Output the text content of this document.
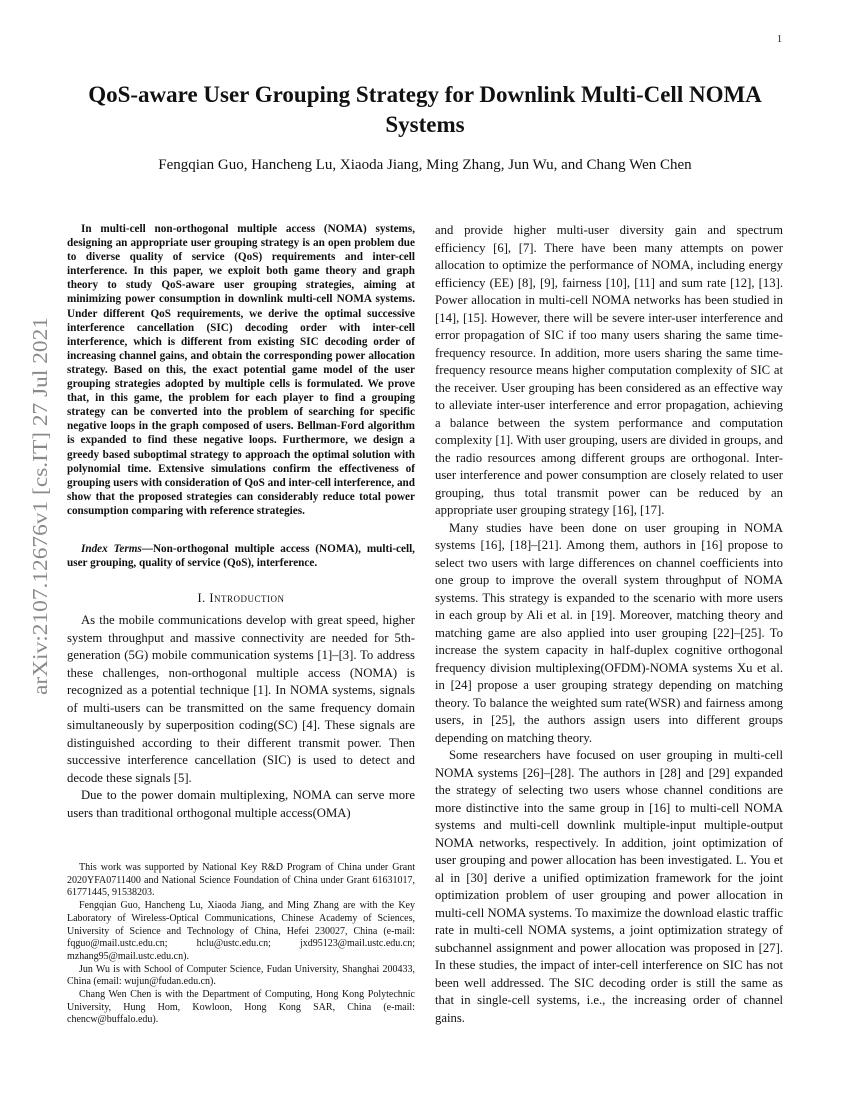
1
arXiv:2107.12676v1 [cs.IT] 27 Jul 2021
QoS-aware User Grouping Strategy for Downlink Multi-Cell NOMA
Systems

Fengqian Guo, Hancheng Lu, Xiaoda Jiang, Ming Zhang, Jun Wu, and Chang Wen Chen

In multi-cell non-orthogonal multiple access (NOMA) systems, designing an appropriate user grouping strategy is an open problem due to diverse quality of service (QoS) requirements and inter-cell interference. In this paper, we exploit both game theory and graph theory to study QoS-aware user grouping strategies, aiming at minimizing power consumption in downlink multi-cell NOMA systems. Under different QoS requirements, we derive the optimal successive interference cancellation (SIC) decoding order with inter-cell interference, which is different from existing SIC decoding order of increasing channel gains, and obtain the corresponding power allocation strategy. Based on this, the exact potential game model of the user grouping strategies adopted by multiple cells is formulated. We prove that, in this game, the problem for each player to find a grouping strategy can be converted into the problem of searching for specific negative loops in the graph composed of users. Bellman-Ford algorithm is expanded to find these negative loops. Furthermore, we design a greedy based suboptimal strategy to approach the optimal solution with polynomial time. Extensive simulations confirm the effectiveness of grouping users with consideration of QoS and inter-cell interference, and show that the proposed strategies can considerably reduce total power consumption comparing with reference strategies.

Index Terms—Non-orthogonal multiple access (NOMA), multi-cell, user grouping, quality of service (QoS), interference.

I. Introduction

As the mobile communications develop with great speed, higher system throughput and massive connectivity are needed for 5th-generation (5G) mobile communication systems [1]–[3]. To address these challenges, non-orthogonal multiple access (NOMA) is recognized as a potential technique [1]. In NOMA systems, signals of multi-users can be transmitted on the same frequency domain simultaneously by superposition coding(SC) [4]. These signals are distinguished according to their different transmit power. Then successive interference cancellation (SIC) is used to detect and decode these signals [5].

Due to the power domain multiplexing, NOMA can serve more users than traditional orthogonal multiple access(OMA)

This work was supported by National Key R&D Program of China under Grant 2020YFA0711400 and National Science Foundation of China under Grant 61631017, 61771445, 91538203.

Fengqian Guo, Hancheng Lu, Xiaoda Jiang, and Ming Zhang are with the Key Laboratory of Wireless-Optical Communications, Chinese Academy of Sciences, University of Science and Technology of China, Hefei 230027, China (e-mail: fqguo@mail.ustc.edu.cn; hclu@ustc.edu.cn; jxd95123@mail.ustc.edu.cn; mzhang95@mail.ustc.edu.cn).

Jun Wu is with School of Computer Science, Fudan University, Shanghai 200433, China (email: wujun@fudan.edu.cn).

Chang Wen Chen is with the Department of Computing, Hong Kong Polytechnic University, Hung Hom, Kowloon, Hong Kong SAR, China (e-mail: chencw@buffalo.edu).

and provide higher multi-user diversity gain and spectrum efficiency [6], [7]. There have been many attempts on power allocation to optimize the performance of NOMA, including energy efficiency (EE) [8], [9], fairness [10], [11] and sum rate [12], [13]. Power allocation in multi-cell NOMA networks has been studied in [14], [15]. However, there will be severe inter-user interference and error propagation of SIC if too many users sharing the same time-frequency resource. In addition, more users sharing the same time-frequency resource means higher computation complexity of SIC at the receiver. User grouping has been considered as an effective way to alleviate inter-user interference and error propagation, achieving a balance between the system performance and computation complexity [1]. With user grouping, users are divided in groups, and the radio resources among different groups are orthogonal. Inter-user interference and power consumption are closely related to user grouping, thus total transmit power can be reduced by an appropriate user grouping strategy [16], [17].

Many studies have been done on user grouping in NOMA systems [16], [18]–[21]. Among them, authors in [16] propose to select two users with large differences on channel coefficients into one group to improve the overall system throughput of NOMA systems. This strategy is expanded to the scenario with more users in each group by Ali et al. in [19]. Moreover, matching theory and matching game are also applied into user grouping [22]–[25]. To increase the system capacity in half-duplex cognitive orthogonal frequency division multiplexing(OFDM)-NOMA systems Xu et al. in [24] propose a user grouping strategy depending on matching theory. To balance the weighted sum rate(WSR) and fairness among users, in [25], the authors assign users into different groups depending on matching theory.

Some researchers have focused on user grouping in multi-cell NOMA systems [26]–[28]. The authors in [28] and [29] expanded the strategy of selecting two users whose channel conditions are more distinctive into the same group in [16] to multi-cell NOMA systems and multi-cell downlink multiple-input multiple-output NOMA networks, respectively. In addition, joint optimization of user grouping and power allocation has been investigated. L. You et al in [30] derive a unified optimization framework for the joint optimization problem of user grouping and power allocation in multi-cell NOMA systems. To maximize the download elastic traffic rate in multi-cell NOMA systems, a joint optimization strategy of subchannel assignment and power allocation was proposed in [27]. In these studies, the impact of inter-cell interference on SIC has not been well addressed. The SIC decoding order is still the same as that in single-cell systems, i.e., the increasing order of channel gains.
